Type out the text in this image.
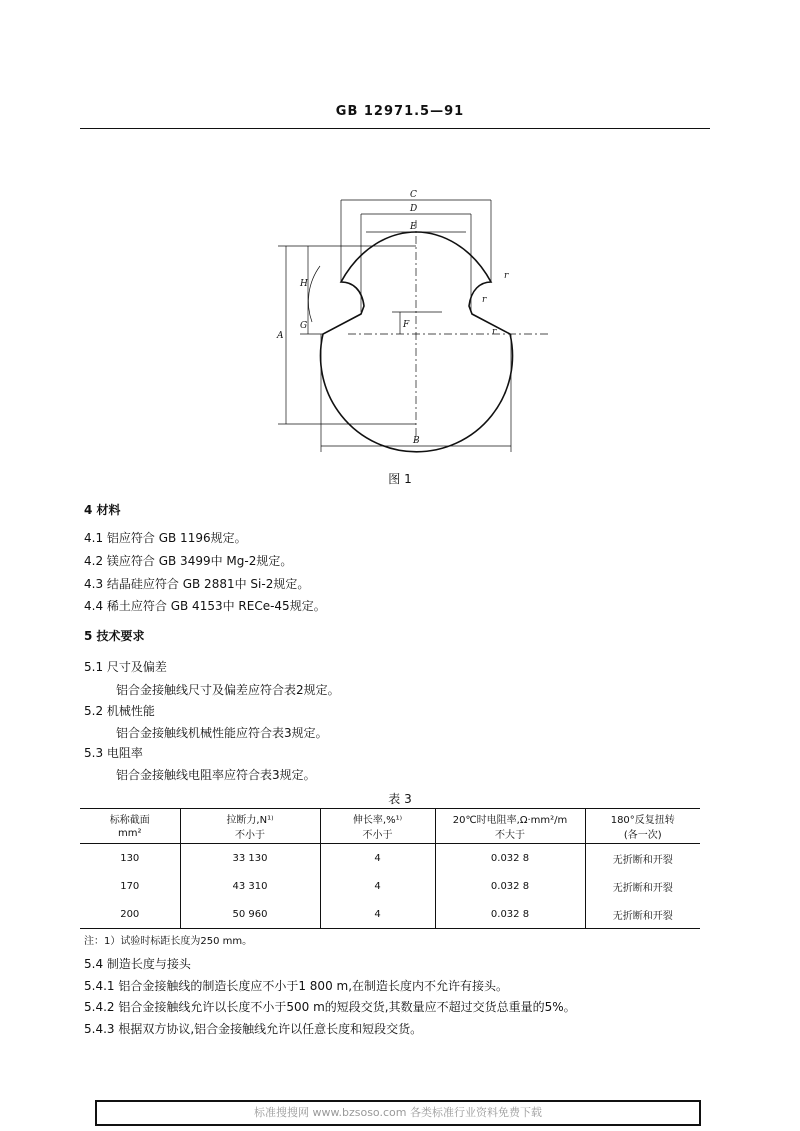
GB 12971.5—91
C
D
E
H
A
G	F
B
r
r
r
图 1
4 材料
4.1 铝应符合 GB 1196规定。
4.2 镁应符合 GB 3499中 Mg-2规定。
4.3 结晶硅应符合 GB 2881中 Si-2规定。
4.4 稀土应符合 GB 4153中 RECe-45规定。
5 技术要求
5.1 尺寸及偏差
铝合金接触线尺寸及偏差应符合表2规定。
5.2 机械性能
铝合金接触线机械性能应符合表3规定。
5.3 电阻率
铝合金接触线电阻率应符合表3规定。
表 3
标称截面	拉断力,N¹⁾	伸长率,%¹⁾	20℃时电阻率,Ω·mm²/m	180°反复扭转
mm²	不小于	不小于	不大于	(各一次)
130	33 130	4	0.032 8	无折断和开裂
170	43 310	4	0.032 8	无折断和开裂
200	50 960	4	0.032 8	无折断和开裂
注：1）试验时标距长度为250 mm。
5.4 制造长度与接头
5.4.1 铝合金接触线的制造长度应不小于1 800 m,在制造长度内不允许有接头。
5.4.2 铝合金接触线允许以长度不小于500 m的短段交货,其数量应不超过交货总重量的5%。
5.4.3 根据双方协议,铝合金接触线允许以任意长度和短段交货。
标准搜搜网 www.bzsoso.com 各类标准行业资料免费下载
